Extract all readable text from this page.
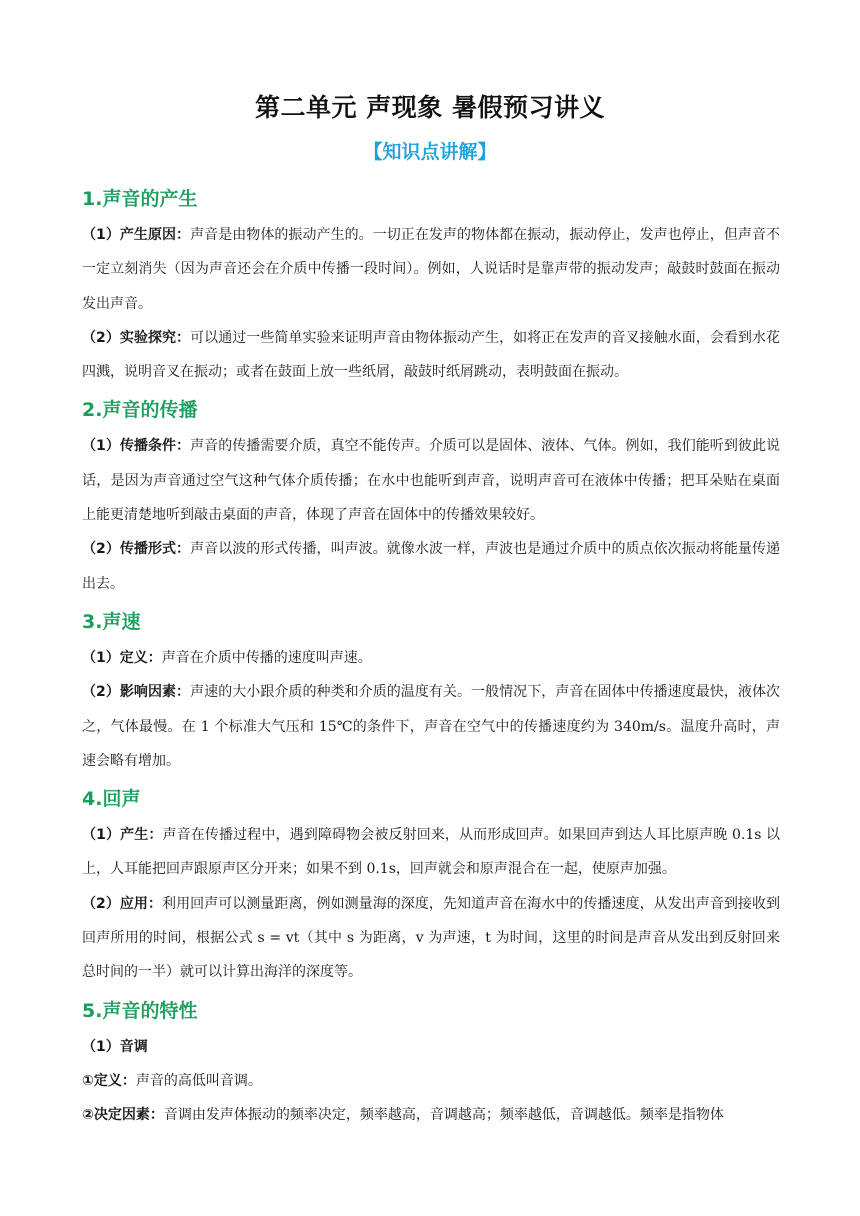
第二单元 声现象 暑假预习讲义
【知识点讲解】
1.声音的产生

（1）产生原因：声音是由物体的振动产生的。一切正在发声的物体都在振动，振动停止，发声也停止，但声音不一定立刻消失（因为声音还会在介质中传播一段时间）。例如，人说话时是靠声带的振动发声；敲鼓时鼓面在振动发出声音。

（2）实验探究：可以通过一些简单实验来证明声音由物体振动产生，如将正在发声的音叉接触水面，会看到水花四溅，说明音叉在振动；或者在鼓面上放一些纸屑，敲鼓时纸屑跳动，表明鼓面在振动。

2.声音的传播

（1）传播条件：声音的传播需要介质，真空不能传声。介质可以是固体、液体、气体。例如，我们能听到彼此说话，是因为声音通过空气这种气体介质传播；在水中也能听到声音，说明声音可在液体中传播；把耳朵贴在桌面上能更清楚地听到敲击桌面的声音，体现了声音在固体中的传播效果较好。

（2）传播形式：声音以波的形式传播，叫声波。就像水波一样，声波也是通过介质中的质点依次振动将能量传递出去。

3.声速

（1）定义：声音在介质中传播的速度叫声速。

（2）影响因素：声速的大小跟介质的种类和介质的温度有关。一般情况下，声音在固体中传播速度最快，液体次之，气体最慢。在 1 个标准大气压和 15℃的条件下，声音在空气中的传播速度约为 340m/s。温度升高时，声速会略有增加。

4.回声

（1）产生：声音在传播过程中，遇到障碍物会被反射回来，从而形成回声。如果回声到达人耳比原声晚 0.1s 以上，人耳能把回声跟原声区分开来；如果不到 0.1s，回声就会和原声混合在一起，使原声加强。

（2）应用：利用回声可以测量距离，例如测量海的深度，先知道声音在海水中的传播速度，从发出声音到接收到回声所用的时间，根据公式 s = vt（其中 s 为距离，v 为声速，t 为时间，这里的时间是声音从发出到反射回来总时间的一半）就可以计算出海洋的深度等。

5.声音的特性

（1）音调

①定义：声音的高低叫音调。

②决定因素：音调由发声体振动的频率决定，频率越高，音调越高；频率越低，音调越低。频率是指物体
